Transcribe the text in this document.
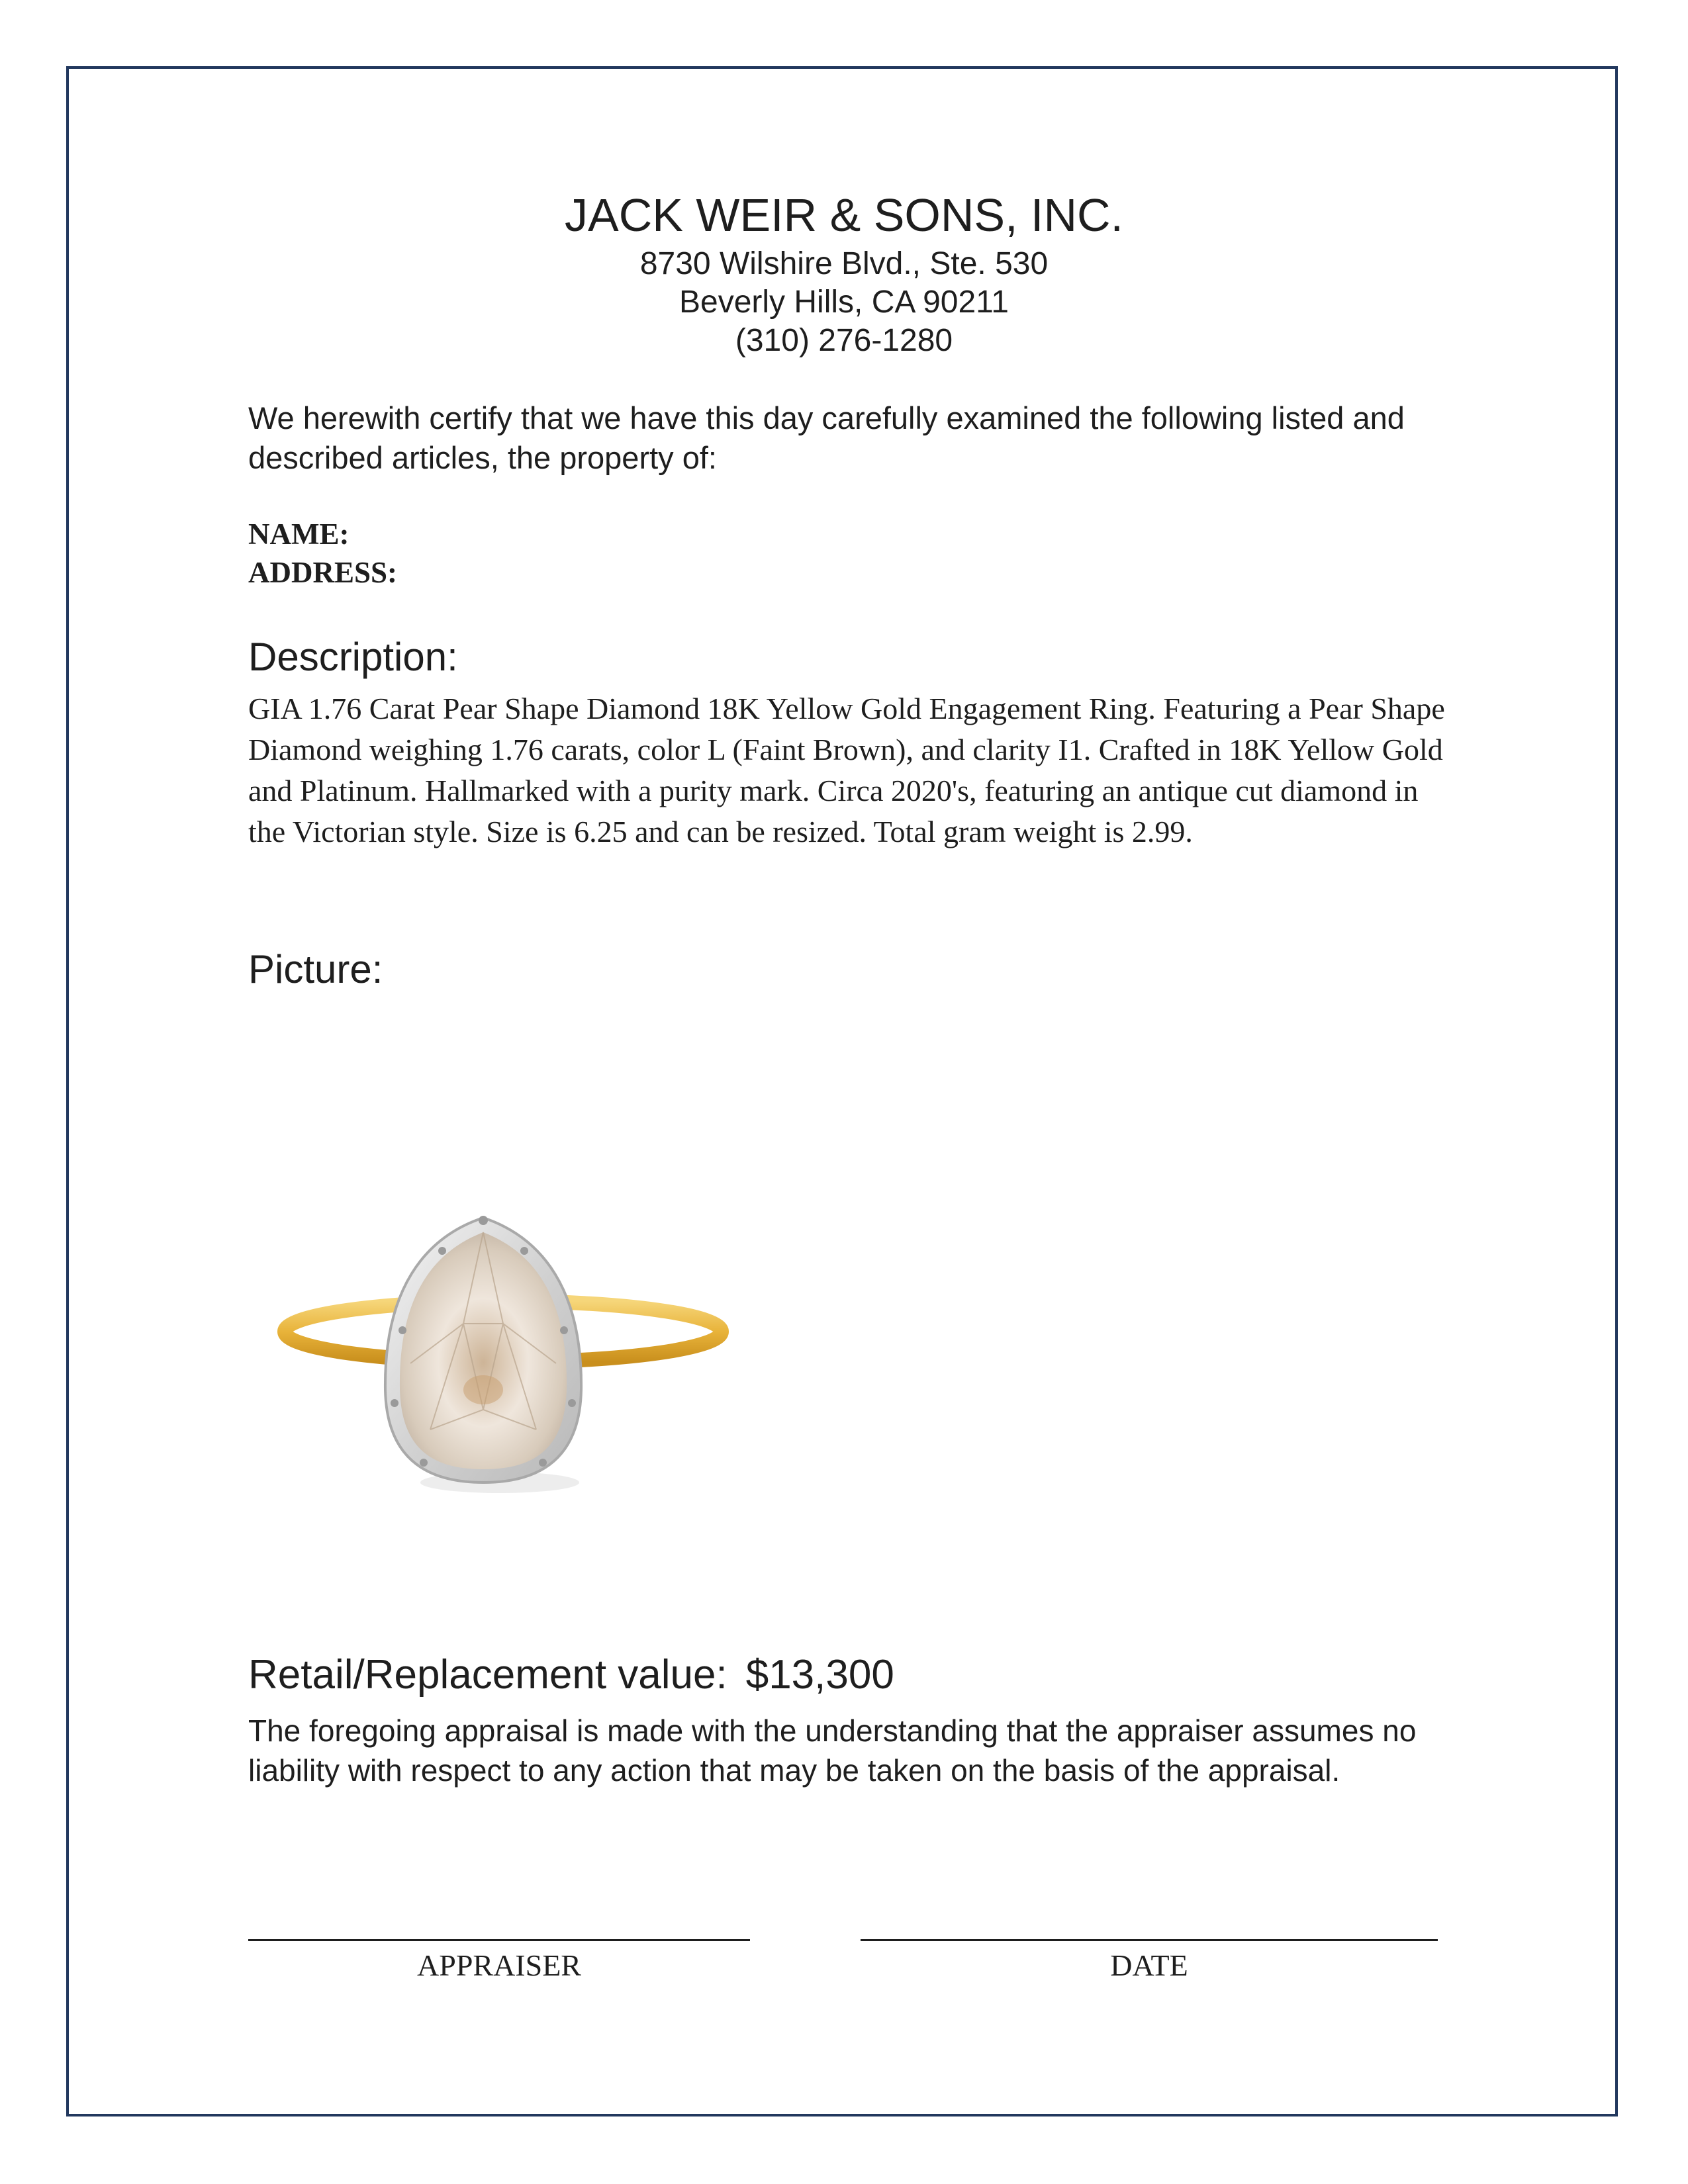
JACK WEIR & SONS, INC.
8730 Wilshire Blvd., Ste. 530
Beverly Hills, CA 90211
(310) 276-1280
We herewith certify that we have this day carefully examined the following listed and described articles, the property of:
NAME:
ADDRESS:
Description:
GIA 1.76 Carat Pear Shape Diamond 18K Yellow Gold Engagement Ring. Featuring a Pear Shape Diamond weighing 1.76 carats, color L (Faint Brown), and clarity I1. Crafted in 18K Yellow Gold and Platinum. Hallmarked with a purity mark. Circa 2020's, featuring an antique cut diamond in the Victorian style. Size is 6.25 and can be resized. Total gram weight is 2.99.
Picture:
Retail/Replacement value: $13,300
The foregoing appraisal is made with the understanding that the appraiser assumes no liability with respect to any action that may be taken on the basis of the appraisal.
APPRAISER	DATE
